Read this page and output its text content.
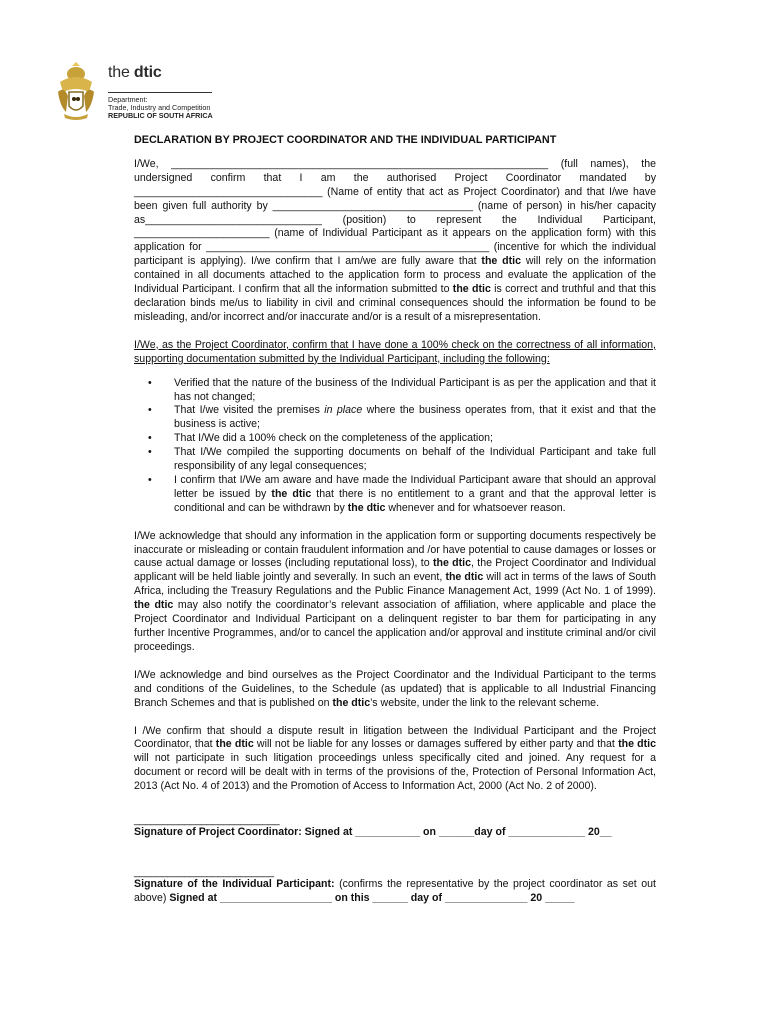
the dtic
Department:
Trade, Industry and Competition
REPUBLIC OF SOUTH AFRICA
DECLARATION BY PROJECT COORDINATOR AND THE INDIVIDUAL PARTICIPANT

I/We, ________________________________________________________________ (full names), the undersigned confirm that I am the authorised Project Coordinator mandated by ________________________________ (Name of entity that act as Project Coordinator) and that I/we have been given full authority by __________________________________ (name of person) in his/her capacity as______________________________ (position) to represent the Individual Participant, _______________________ (name of Individual Participant as it appears on the application form) with this application for ________________________________________________ (incentive for which the individual participant is applying). I/we confirm that I am/we are fully aware that the dtic will rely on the information contained in all documents attached to the application form to process and evaluate the application of the Individual Participant. I confirm that all the information submitted to the dtic is correct and truthful and that this declaration binds me/us to liability in civil and criminal consequences should the information be found to be misleading, and/or incorrect and/or inaccurate and/or is a result of a misrepresentation.

I/We, as the Project Coordinator, confirm that I have done a 100% check on the correctness of all information, supporting documentation submitted by the Individual Participant, including the following:

• Verified that the nature of the business of the Individual Participant is as per the application and that it has not changed;
• That I/we visited the premises in place where the business operates from, that it exist and that the business is active;
• That I/We did a 100% check on the completeness of the application;
• That I/We compiled the supporting documents on behalf of the Individual Participant and take full responsibility of any legal consequences;
• I confirm that I/We am aware and have made the Individual Participant aware that should an approval letter be issued by the dtic that there is no entitlement to a grant and that the approval letter is conditional and can be withdrawn by the dtic whenever and for whatsoever reason.

I/We acknowledge that should any information in the application form or supporting documents respectively be inaccurate or misleading or contain fraudulent information and /or have potential to cause damages or losses or cause actual damage or losses (including reputational loss), to the dtic, the Project Coordinator and Individual applicant will be held liable jointly and severally. In such an event, the dtic will act in terms of the laws of South Africa, including the Treasury Regulations and the Public Finance Management Act, 1999 (Act No. 1 of 1999). the dtic may also notify the coordinator’s relevant association of affiliation, where applicable and place the Project Coordinator and Individual Participant on a delinquent register to bar them for participating in any further Incentive Programmes, and/or to cancel the application and/or approval and institute criminal and/or civil proceedings.

I/We acknowledge and bind ourselves as the Project Coordinator and the Individual Participant to the terms and conditions of the Guidelines, to the Schedule (as updated) that is applicable to all Industrial Financing Branch Schemes and that is published on the dtic’s website, under the link to the relevant scheme.

I /We confirm that should a dispute result in litigation between the Individual Participant and the Project Coordinator, that the dtic will not be liable for any losses or damages suffered by either party and that the dtic will not participate in such litigation proceedings unless specifically cited and joined. Any request for a document or record will be dealt with in terms of the provisions of the, Protection of Personal Information Act, 2013 (Act No. 4 of 2013) and the Promotion of Access to Information Act, 2000 (Act No. 2 of 2000).

__________________________
Signature of Project Coordinator: Signed at ___________ on ______day of _____________ 20__
_________________________

Signature of the Individual Participant: (confirms the representative by the project coordinator as set out above) Signed at ___________________ on this ______ day of ______________ 20 _____
